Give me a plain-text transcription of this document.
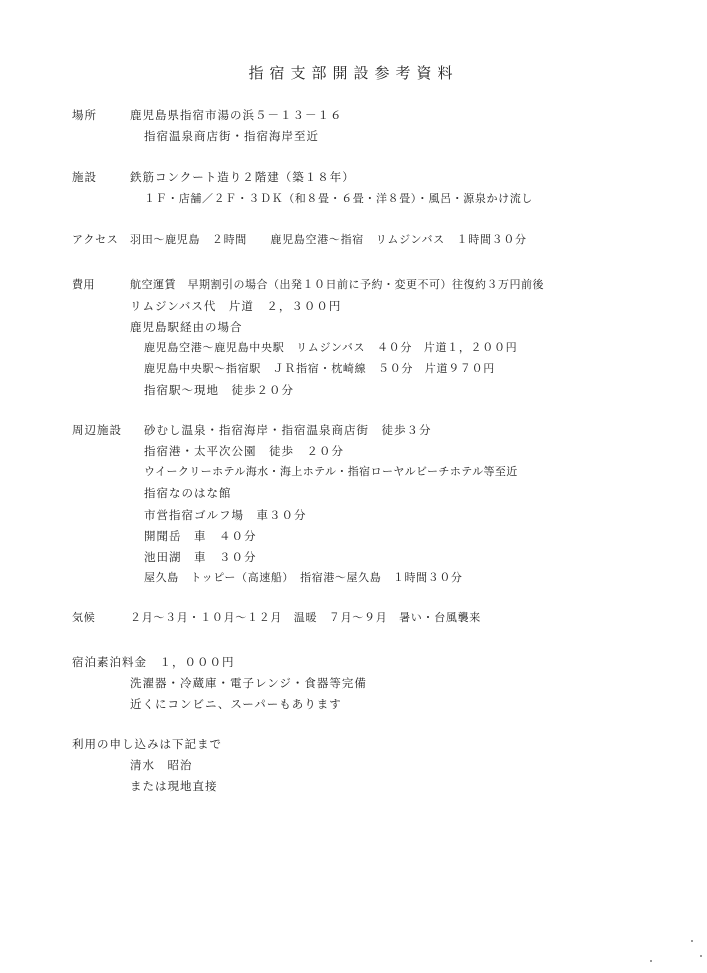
指宿支部開設参考資料
場所	鹿児島県指宿市湯の浜５－１３－１６
指宿温泉商店街・指宿海岸至近
施設	鉄筋コンクート造り２階建（築１８年）
１Ｆ・店舗／２Ｆ・３ＤＫ（和８畳・６畳・洋８畳）・風呂・源泉かけ流し
アクセス 羽田～鹿児島　２時間　　鹿児島空港～指宿　リムジンバス　１時間３０分
費用	航空運賃　早期割引の場合（出発１０日前に予約・変更不可）往復約３万円前後
リムジンバス代　片道　２，３００円
鹿児島駅経由の場合
鹿児島空港～鹿児島中央駅　リムジンバス　４０分　片道１，２００円
鹿児島中央駅～指宿駅　ＪＲ指宿・枕崎線　５０分　片道９７０円
指宿駅～現地　徒歩２０分
周辺施設 砂むし温泉・指宿海岸・指宿温泉商店街　徒歩３分
指宿港・太平次公園　徒歩　２０分
ウイークリーホテル海水・海上ホテル・指宿ローヤルビーチホテル等至近
指宿なのはな館
市営指宿ゴルフ場　車３０分
開聞岳　車　４０分
池田湖　車　３０分
屋久島　トッピー（高速船）　指宿港～屋久島　１時間３０分
気候	２月～３月・１０月～１２月　温暖　７月～９月　暑い・台風襲来
宿泊素泊料金　１，０００円
洗濯器・冷蔵庫・電子レンジ・食器等完備
近くにコンビニ、スーパーもあります
利用の申し込みは下記まで
清水　昭治
または現地直接
